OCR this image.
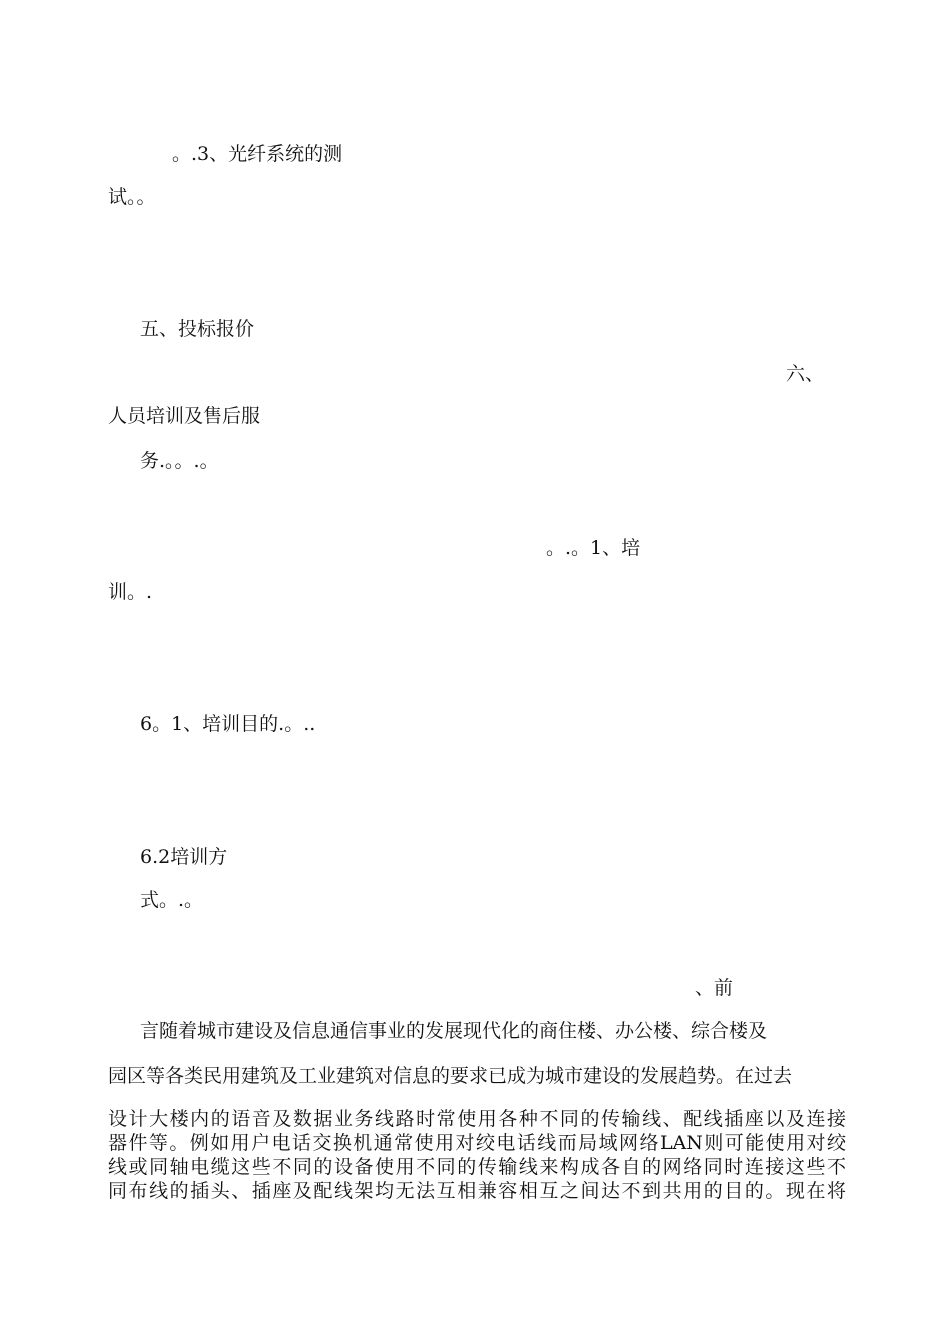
。.3、光纤系统的测
试。。
五、投标报价
六、
人员培训及售后服
务.。。.。
。.。1、培
训。.
6。1、培训目的.。..
6.2培训方
式。.。
、前
言随着城市建设及信息通信事业的发展现代化的商住楼、办公楼、综合楼及
园区等各类民用建筑及工业建筑对信息的要求已成为城市建设的发展趋势。在过去
设计大楼内的语音及数据业务线路时常使用各种不同的传输线、配线插座以及连接
器件等。例如用户电话交换机通常使用对绞电话线而局域网络LAN则可能使用对绞
线或同轴电缆这些不同的设备使用不同的传输线来构成各自的网络同时连接这些不
同布线的插头、插座及配线架均无法互相兼容相互之间达不到共用的目的。现在将
